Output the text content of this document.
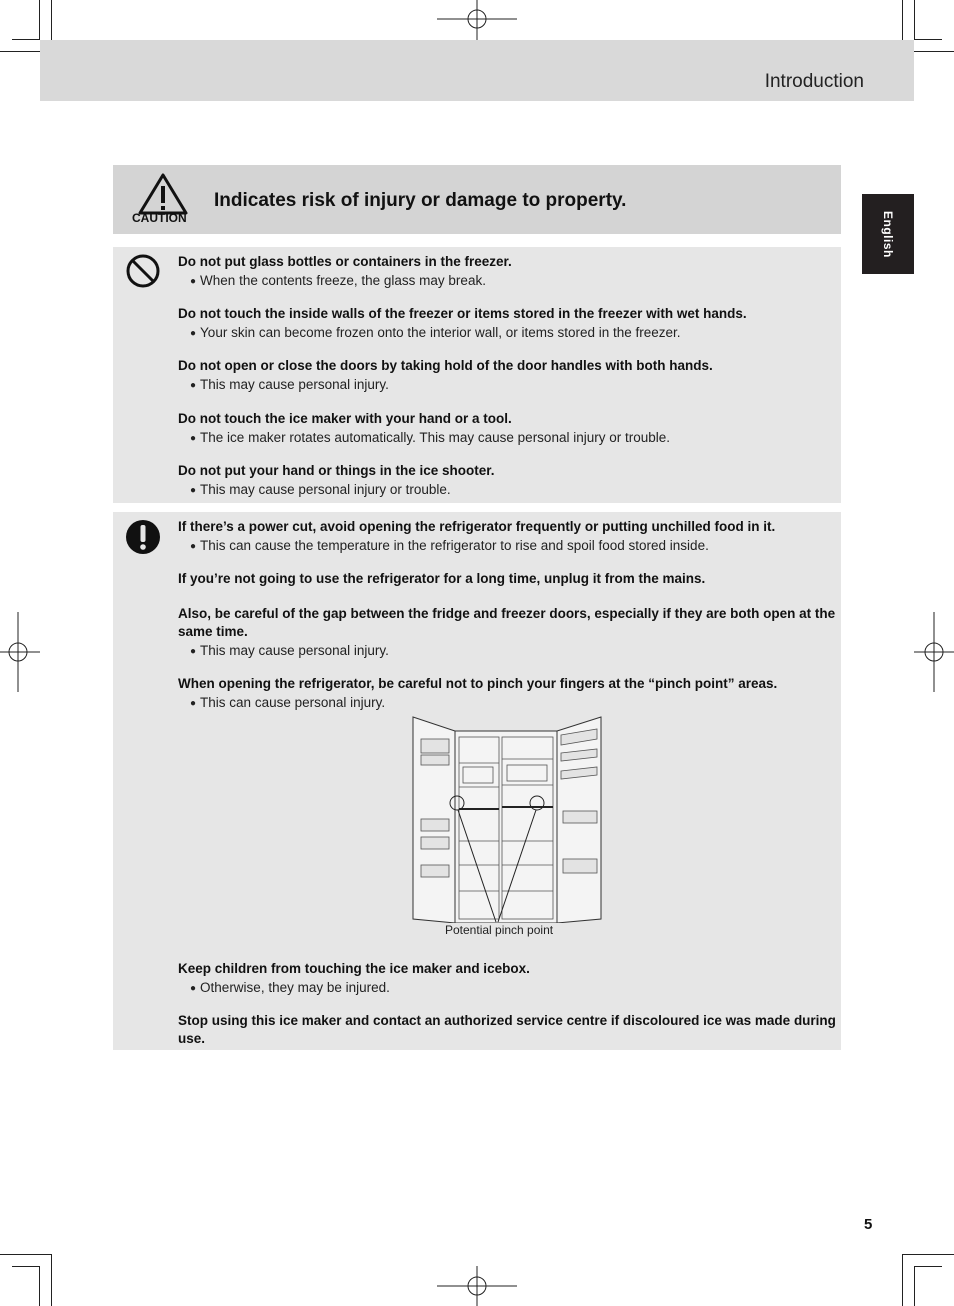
Introduction
English
CAUTION
Indicates risk of injury or damage to property.

Do not put glass bottles or containers in the freezer.

● When the contents freeze, the glass may break.

Do not touch the inside walls of the freezer or items stored in the freezer with wet hands.

● Your skin can become frozen onto the interior wall, or items stored in the freezer.

Do not open or close the doors by taking hold of the door handles with both hands.

● This may cause personal injury.

Do not touch the ice maker with your hand or a tool.

● The ice maker rotates automatically. This may cause personal injury or trouble.

Do not put your hand or things in the ice shooter.

● This may cause personal injury or trouble.

If there’s a power cut, avoid opening the refrigerator frequently or putting unchilled food in it.

● This can cause the temperature in the refrigerator to rise and spoil food stored inside.

If you’re not going to use the refrigerator for a long time, unplug it from the mains.

Also, be careful of the gap between the fridge and freezer doors, especially if they are both open at the same time.

● This may cause personal injury.

When opening the refrigerator, be careful not to pinch your fingers at the “pinch point” areas.

● This can cause personal injury.

Potential pinch point

Keep children from touching the ice maker and icebox.

● Otherwise, they may be injured.

Stop using this ice maker and contact an authorized service centre if discoloured ice was made during use.

5
